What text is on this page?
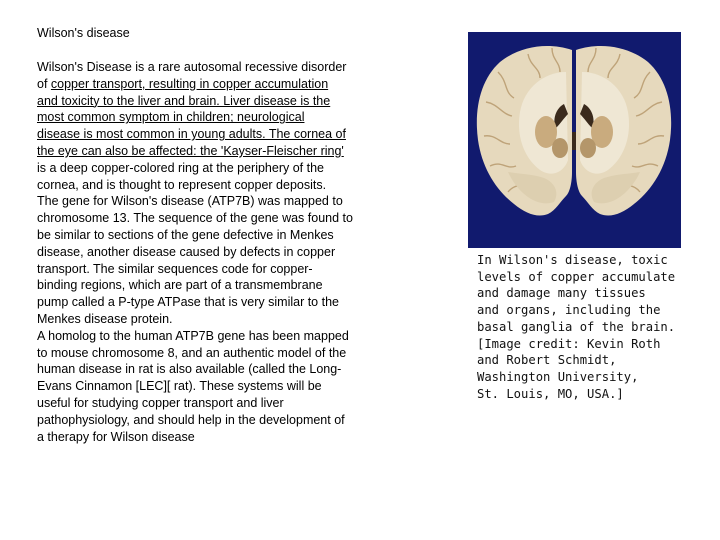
Wilson's disease

Wilson's Disease is a rare autosomal recessive disorder

of copper transport, resulting in copper accumulation

and toxicity to the liver and brain. Liver disease is the

most common symptom in children; neurological

disease is most common in young adults. The cornea of

the eye can also be affected: the 'Kayser-Fleischer ring'

is a deep copper-colored ring at the periphery of the

cornea, and is thought to represent copper deposits.

The gene for Wilson's disease (ATP7B) was mapped to

chromosome 13. The sequence of the gene was found to

be similar to sections of the gene defective in Menkes

disease, another disease caused by defects in copper

transport. The similar sequences code for copper-

binding regions, which are part of a transmembrane

pump called a P-type ATPase that is very similar to the

Menkes disease protein.

A homolog to the human ATP7B gene has been mapped

to mouse chromosome 8, and an authentic model of the

human disease in rat is also available (called the Long-

Evans Cinnamon [LEC][ rat). These systems will be

useful for studying copper transport and liver

pathophysiology, and should help in the development of

a therapy for Wilson disease

In Wilson's disease, toxic

levels of copper accumulate

and damage many tissues

and organs, including the

basal ganglia of the brain.

[Image credit: Kevin Roth

and Robert Schmidt,

Washington University,

St. Louis, MO, USA.]
